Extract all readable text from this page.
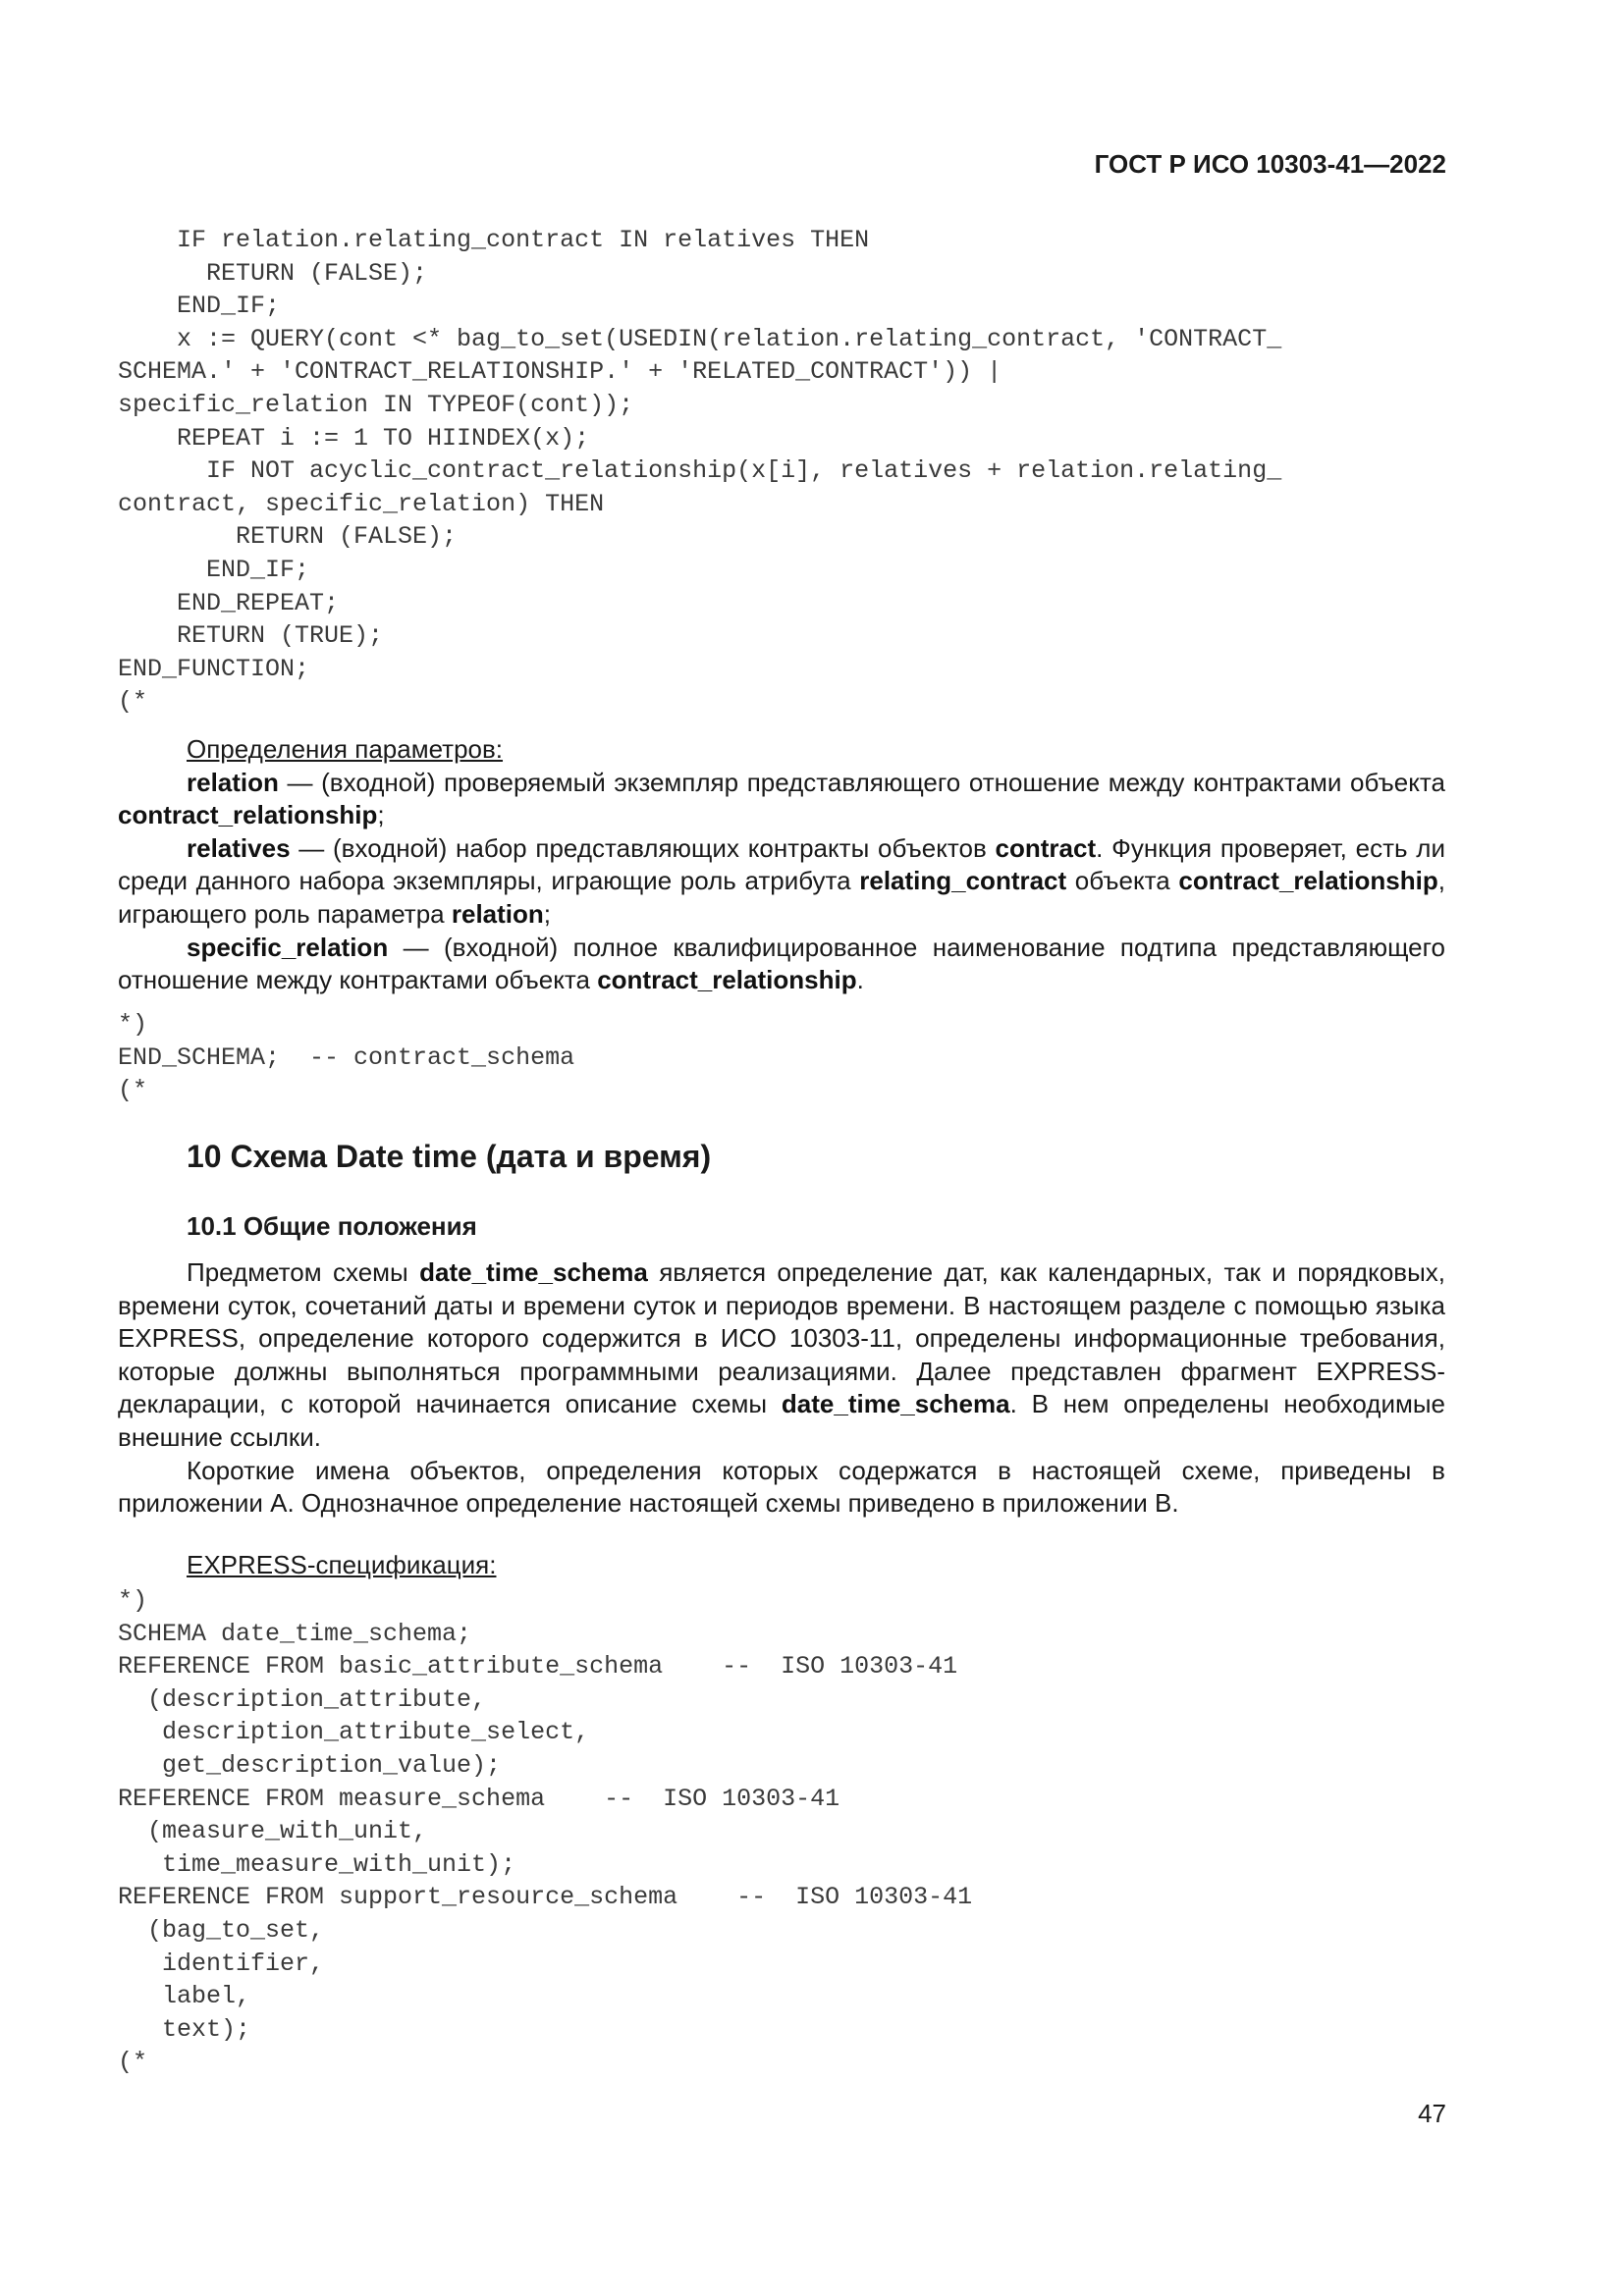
ГОСТ Р ИСО 10303-41—2022
IF relation.relating_contract IN relatives THEN
RETURN (FALSE);
END_IF;
x := QUERY(cont <* bag_to_set(USEDIN(relation.relating_contract, 'CONTRACT_
SCHEMA.' + 'CONTRACT_RELATIONSHIP.' + 'RELATED_CONTRACT')) |
specific_relation IN TYPEOF(cont));
REPEAT i := 1 TO HIINDEX(x);
IF NOT acyclic_contract_relationship(x[i], relatives + relation.relating_
contract, specific_relation) THEN
RETURN (FALSE);
END_IF;
END_REPEAT;
RETURN (TRUE);
END_FUNCTION;
(*

Определения параметров:

relation — (входной) проверяемый экземпляр представляющего отношение между контрактами объекта contract_relationship;

relatives — (входной) набор представляющих контракты объектов contract. Функция проверяет, есть ли среди данного набора экземпляры, играющие роль атрибута relating_contract объекта contract_relationship, играющего роль параметра relation;

specific_relation — (входной) полное квалифицированное наименование подтипа представляющего отношение между контрактами объекта contract_relationship.

*)
END_SCHEMA;  -- contract_schema
(*
10 Схема Date time (дата и время)
10.1 Общие положения

Предметом схемы date_time_schema является определение дат, как календарных, так и порядковых, времени суток, сочетаний даты и времени суток и периодов времени. В настоящем разделе с помощью языка EXPRESS, определение которого содержится в ИСО 10303-11, определены информационные требования, которые должны выполняться программными реализациями. Далее представлен фрагмент EXPRESS-декларации, с которой начинается описание схемы date_time_schema. В нем определены необходимые внешние ссылки.

Короткие имена объектов, определения которых содержатся в настоящей схеме, приведены в приложении А. Однозначное определение настоящей схемы приведено в приложении В.

EXPRESS-спецификация:

*)
SCHEMA date_time_schema;
REFERENCE FROM basic_attribute_schema    --  ISO 10303-41
(description_attribute,
description_attribute_select,
get_description_value);
REFERENCE FROM measure_schema    --  ISO 10303-41
(measure_with_unit,
time_measure_with_unit);
REFERENCE FROM support_resource_schema    --  ISO 10303-41
(bag_to_set,
identifier,
label,
text);
(*
47
